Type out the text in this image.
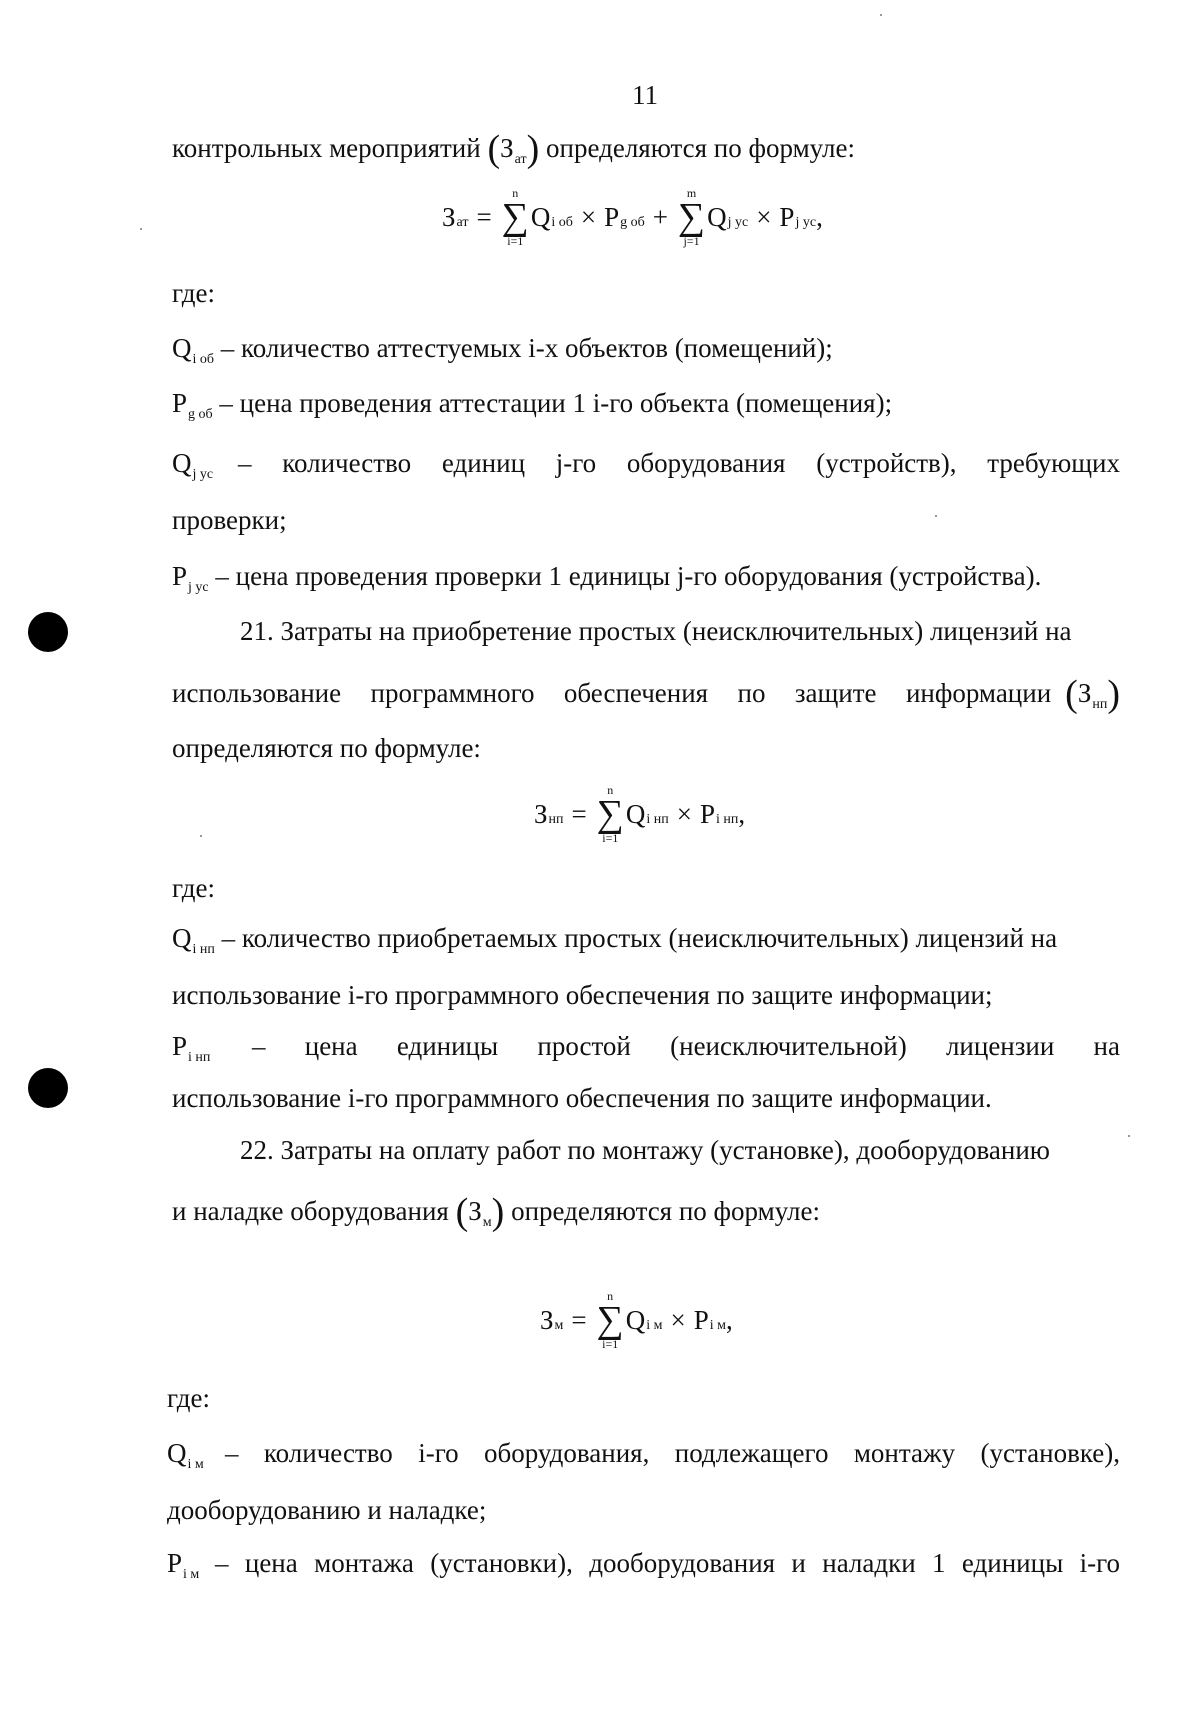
11
контрольных мероприятий $(З_{ат})$ определяются по формуле:
З ат =
n
∑
i=1
Q i об × P g об +
m
∑
j=1
Q j ус × P j ус ,
где:
$Q_{i об}$ – количество аттестуемых i-х объектов (помещений);
$P_{g об}$ – цена проведения аттестации 1 i-го объекта (помещения);
$Q_{j ус}$ – количество единиц j-го оборудования (устройств), требующих
проверки;
$P_{j ус}$ – цена проведения проверки 1 единицы j-го оборудования (устройства).
21. Затраты на приобретение простых (неисключительных) лицензий на
использование программного обеспечения по защите информации $(З_{нп})$
определяются по формуле:
З нп =
n
∑
i=1
Q i нп × P i нп ,
где:
$Q_{i нп}$ – количество приобретаемых простых (неисключительных) лицензий на
использование i-го программного обеспечения по защите информации;
$P_{i нп}$	– цена единицы простой (неисключительной) лицензии на
использование i-го программного обеспечения по защите информации.
22. Затраты на оплату работ по монтажу (установке), дооборудованию
и наладке оборудования $(З_м)$ определяются по формуле:
З м =
n
∑
i=1
Q i м × P i м ,
где:
$Q_{i м}$ – количество i-го оборудования, подлежащего монтажу (установке),
дооборудованию и наладке;
$P_{i м}$ – цена монтажа (установки), дооборудования и наладки 1 единицы i-го
